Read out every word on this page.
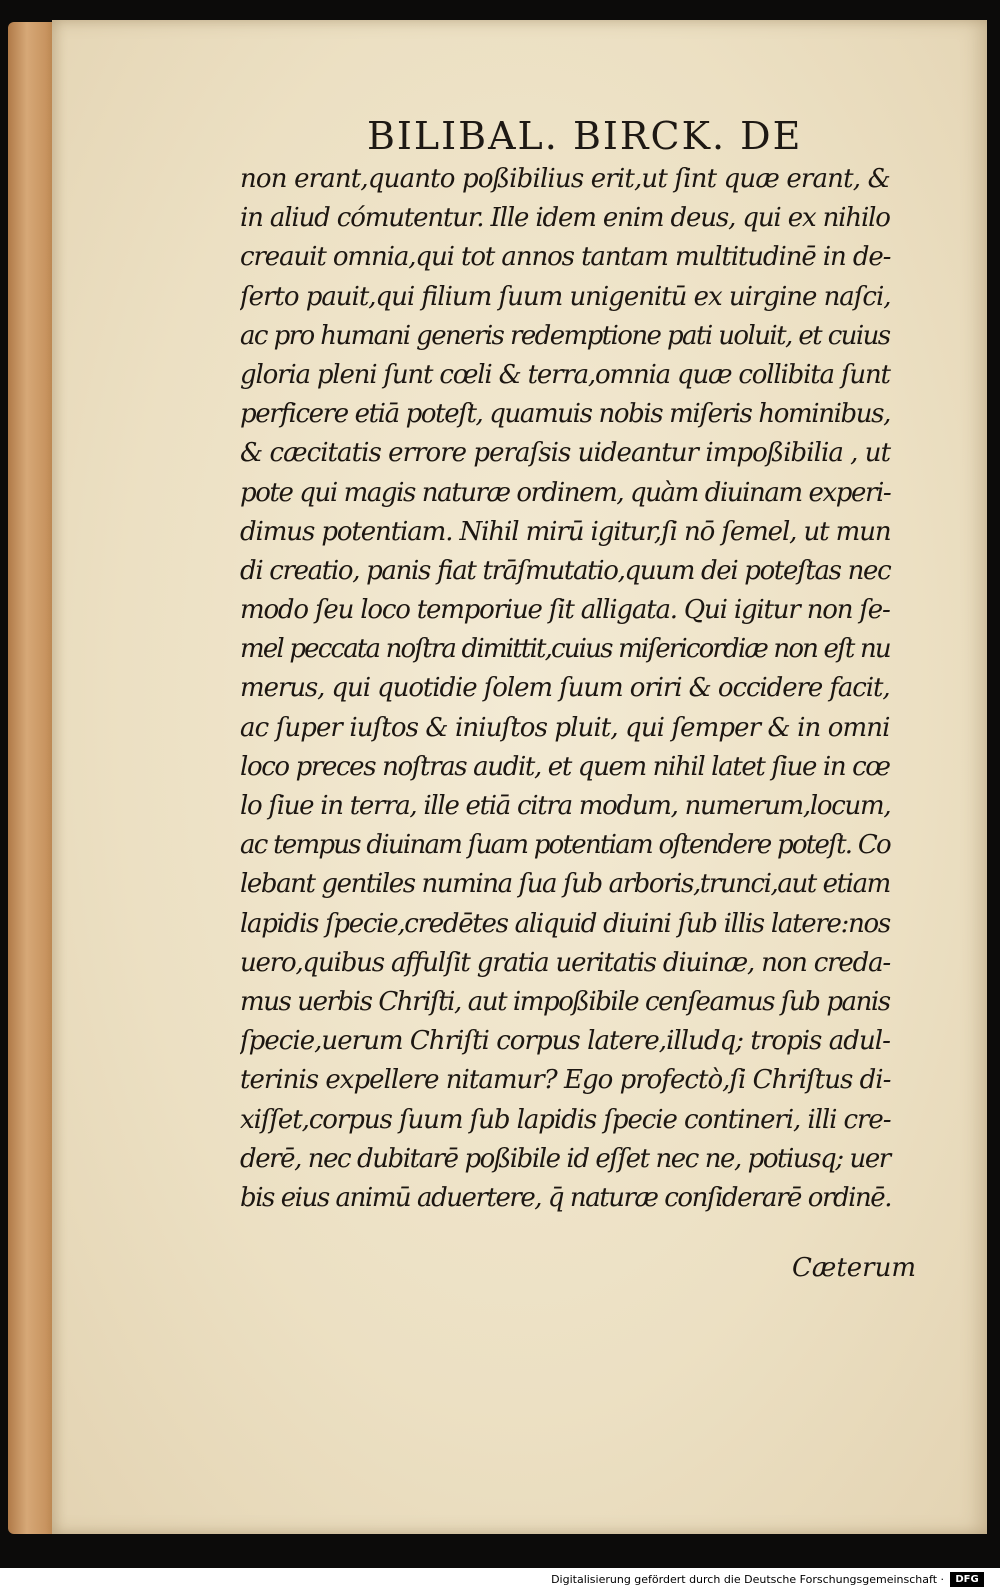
BILIBAL. BIRCK. DE
non erant,quanto poßibilius erit,ut ſint quæ erant, &
in aliud cómutentur. Ille idem enim deus, qui ex nihilo
creauit omnia,qui tot annos tantam multitudinē in de-
ſerto pauit,qui filium ſuum unigenitū ex uirgine naſci,
ac pro humani generis redemptione pati uoluit, et cuius
gloria pleni ſunt cœli & terra,omnia quæ collibita ſunt
perficere etiā poteſt, quamuis nobis miſeris hominibus,
& cæcitatis errore peraſsis uideantur impoßibilia , ut
pote qui magis naturæ ordinem, quàm diuinam experi-
dimus potentiam. Nihil mirū igitur,ſi nō ſemel, ut mun
di creatio, panis fiat trāſmutatio,quum dei poteſtas nec
modo ſeu loco temporiue ſit alligata. Qui igitur non ſe-
mel peccata noſtra dimittit,cuius miſericordiæ non eſt nu
merus, qui quotidie ſolem ſuum oriri & occidere facit,
ac ſuper iuſtos & iniuſtos pluit, qui ſemper & in omni
loco preces noſtras audit, et quem nihil latet ſiue in cœ
lo ſiue in terra, ille etiā citra modum, numerum,locum,
ac tempus diuinam ſuam potentiam oſtendere poteſt. Co
lebant gentiles numina ſua ſub arboris,trunci,aut etiam
lapidis ſpecie,credētes aliquid diuini ſub illis latere:nos
uero,quibus affulſit gratia ueritatis diuinæ, non creda-
mus uerbis Chriſti, aut impoßibile cenſeamus ſub panis
ſpecie,uerum Chriſti corpus latere,illudq; tropis adul-
terinis expellere nitamur? Ego profectò,ſi Chriſtus di-
xiſſet,corpus ſuum ſub lapidis ſpecie contineri, illi cre-
derē, nec dubitarē poßibile id eſſet nec ne, potiusq; uer
bis eius animū aduertere, q̄ naturæ conſiderarē ordinē.
Cæterum
Digitalisierung gefördert durch die Deutsche Forschungsgemeinschaft ·	DFG
